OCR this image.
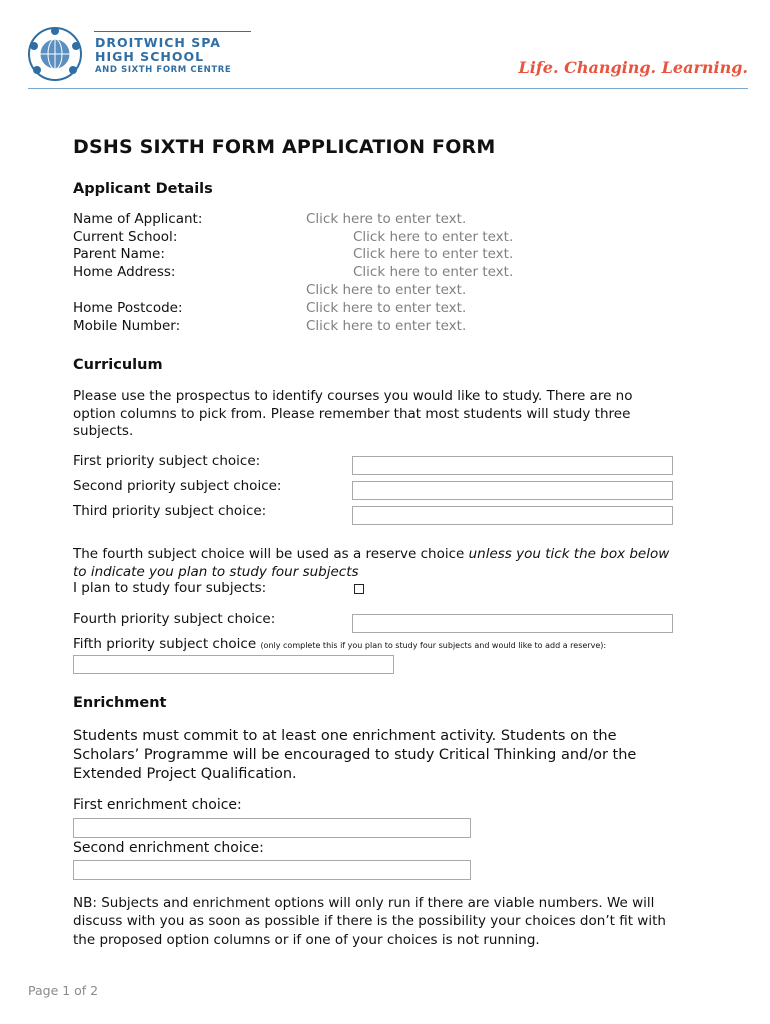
DROITWICH SPA
HIGH SCHOOL
AND SIXTH FORM CENTRE	Life. Changing. Learning.
DSHS SIXTH FORM APPLICATION FORM
Applicant Details
Name of Applicant:	Click here to enter text.
Current School:	Click here to enter text.
Parent Name:	Click here to enter text.
Home Address:	Click here to enter text.
Click here to enter text.
Home Postcode:	Click here to enter text.
Mobile Number:	Click here to enter text.
Curriculum
Please use the prospectus to identify courses you would like to study. There are no
option columns to pick from. Please remember that most students will study three
subjects.
First priority subject choice:
Second priority subject choice:
Third priority subject choice:
The fourth subject choice will be used as a reserve choice unless you tick the box below
to indicate you plan to study four subjects
I plan to study four subjects:
Fourth priority subject choice:
Fifth priority subject choice (only complete this if you plan to study four subjects and would like to add a reserve):
Enrichment
Students must commit to at least one enrichment activity. Students on the
Scholars’ Programme will be encouraged to study Critical Thinking and/or the
Extended Project Qualification.
First enrichment choice:
Second enrichment choice:
NB: Subjects and enrichment options will only run if there are viable numbers. We will
discuss with you as soon as possible if there is the possibility your choices don’t fit with
the proposed option columns or if one of your choices is not running.
Page 1 of 2
